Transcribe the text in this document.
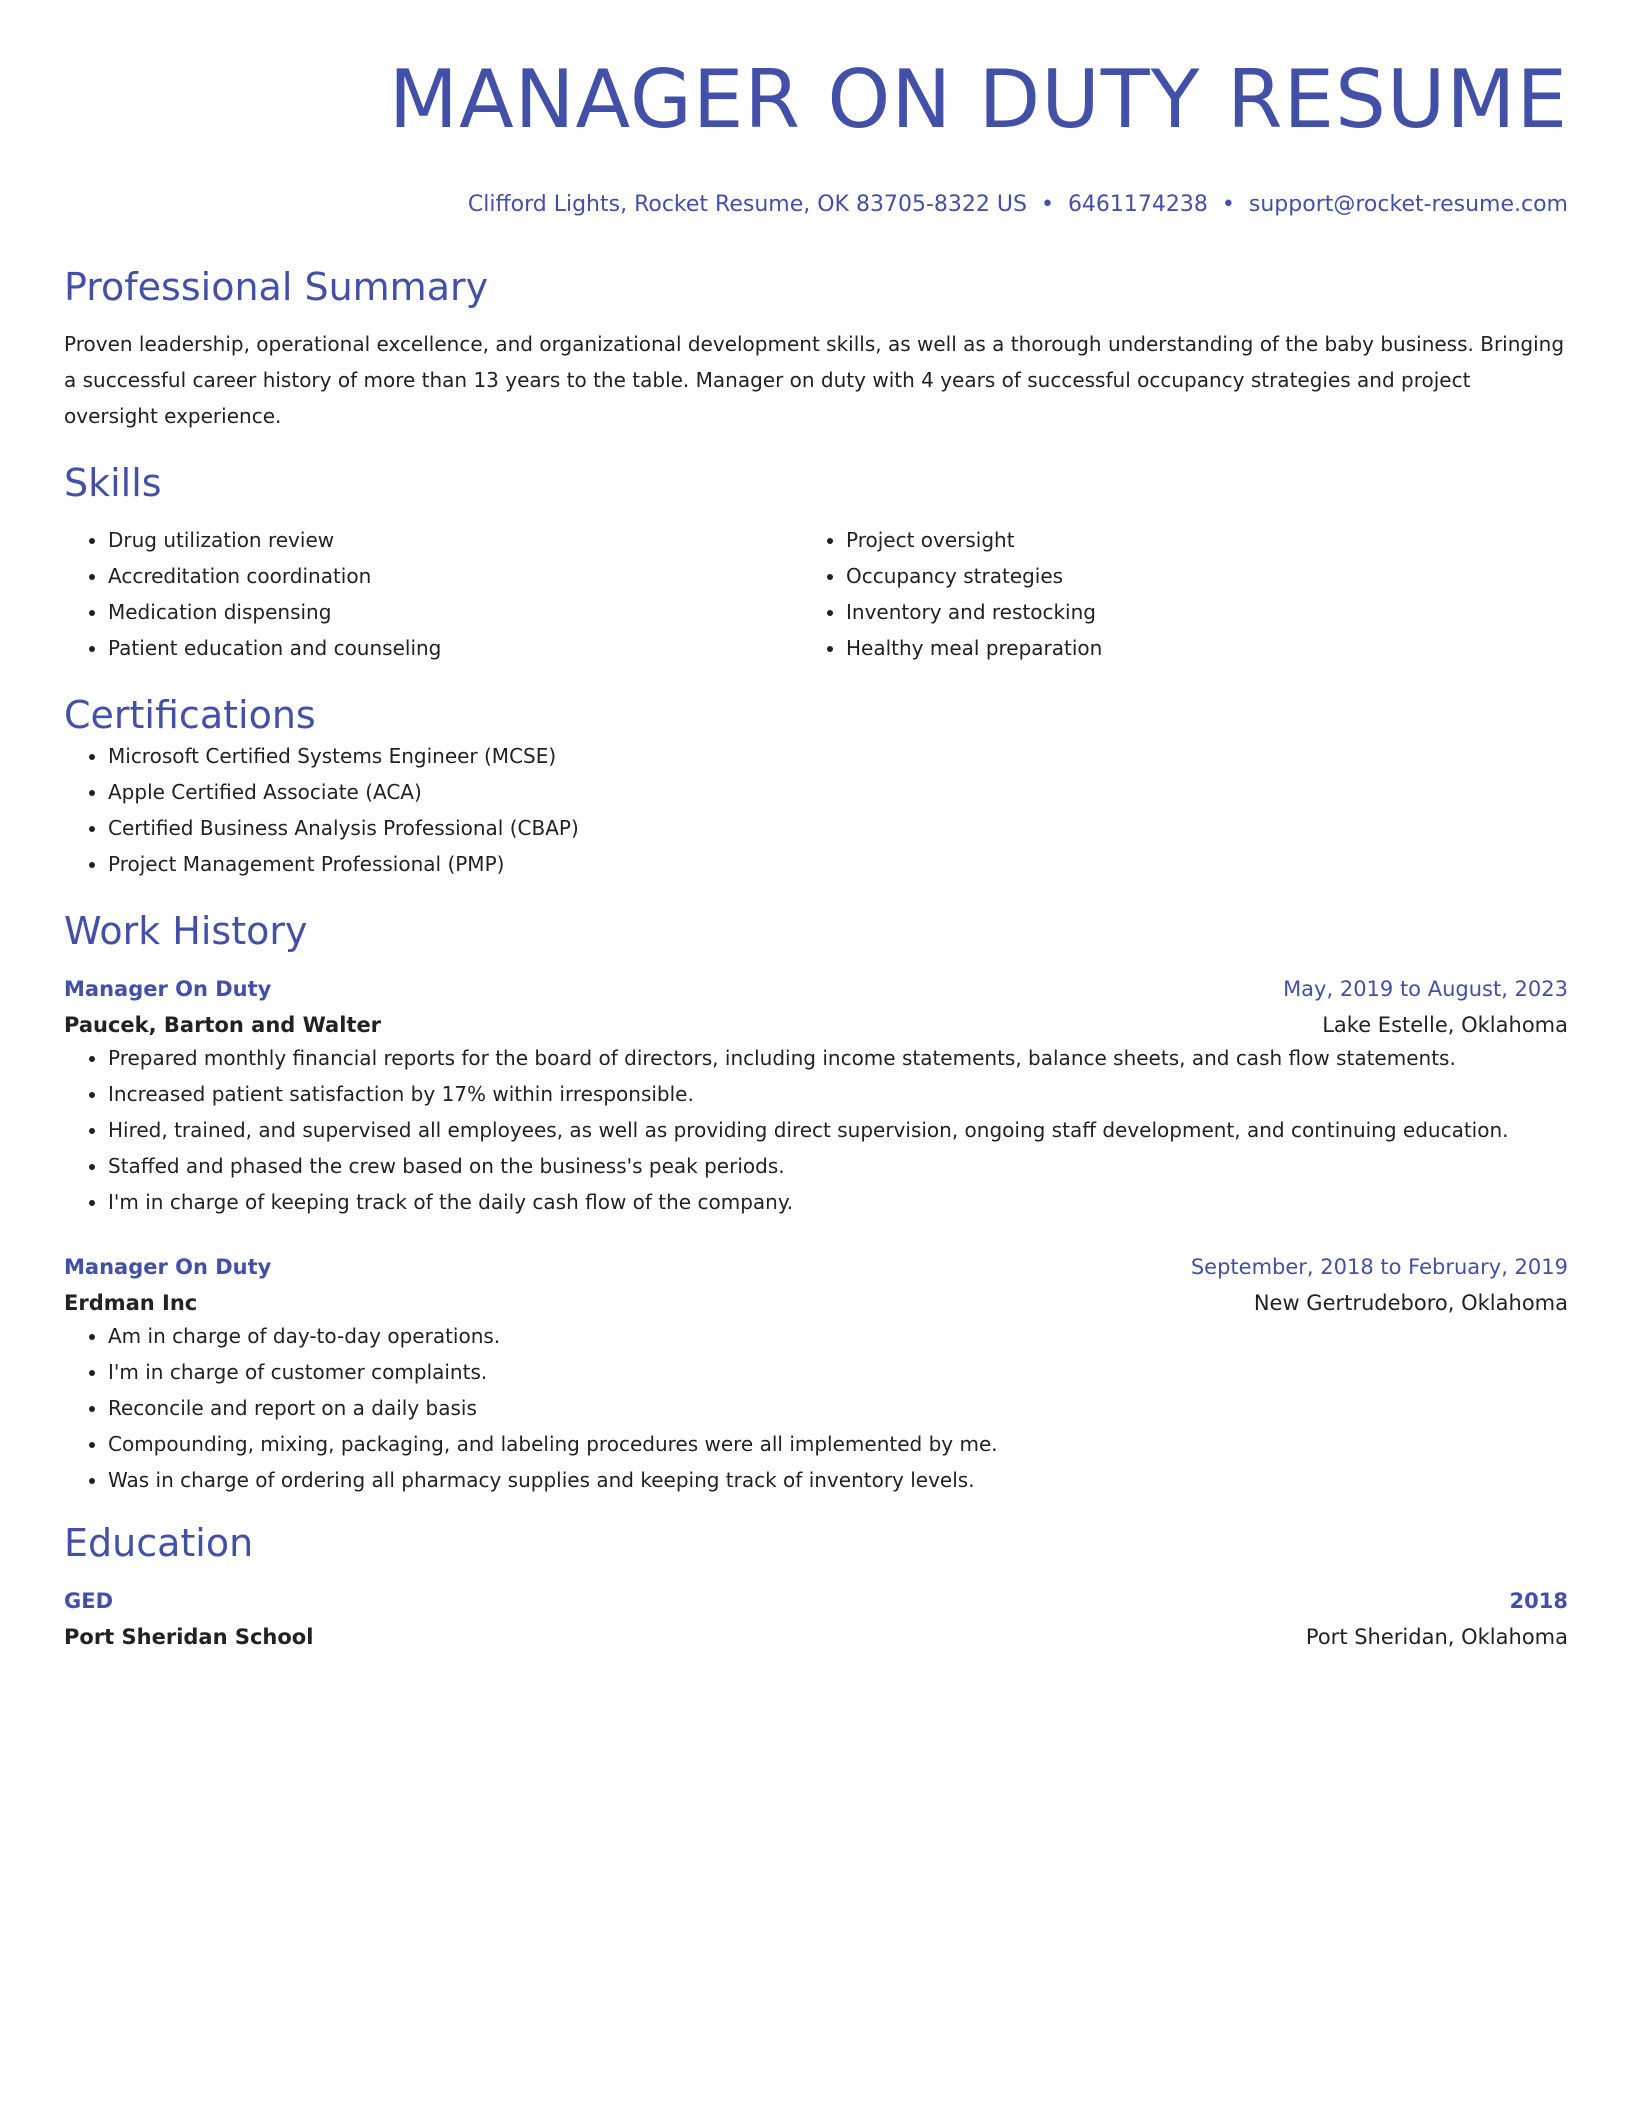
MANAGER ON DUTY RESUME
Clifford Lights, Rocket Resume, OK 83705-8322 US • 6461174238 • support@rocket-resume.com
Professional Summary
Proven leadership, operational excellence, and organizational development skills, as well as a thorough understanding of the baby business. Bringing a successful career history of more than 13 years to the table. Manager on duty with 4 years of successful occupancy strategies and project oversight experience.
Skills
• Drug utilization review
• Accreditation coordination
• Medication dispensing
• Patient education and counseling
• Project oversight
• Occupancy strategies
• Inventory and restocking
• Healthy meal preparation
Certifications
• Microsoft Certified Systems Engineer (MCSE)
• Apple Certified Associate (ACA)
• Certified Business Analysis Professional (CBAP)
• Project Management Professional (PMP)
Work History
Manager On Duty	May, 2019 to August, 2023
Paucek, Barton and Walter	Lake Estelle, Oklahoma
• Prepared monthly financial reports for the board of directors, including income statements, balance sheets, and cash flow statements.
• Increased patient satisfaction by 17% within irresponsible.
• Hired, trained, and supervised all employees, as well as providing direct supervision, ongoing staff development, and continuing education.
• Staffed and phased the crew based on the business's peak periods.
• I'm in charge of keeping track of the daily cash flow of the company.
Manager On Duty	September, 2018 to February, 2019
Erdman Inc	New Gertrudeboro, Oklahoma
• Am in charge of day-to-day operations.
• I'm in charge of customer complaints.
• Reconcile and report on a daily basis
• Compounding, mixing, packaging, and labeling procedures were all implemented by me.
• Was in charge of ordering all pharmacy supplies and keeping track of inventory levels.
Education
GED	2018
Port Sheridan School	Port Sheridan, Oklahoma
